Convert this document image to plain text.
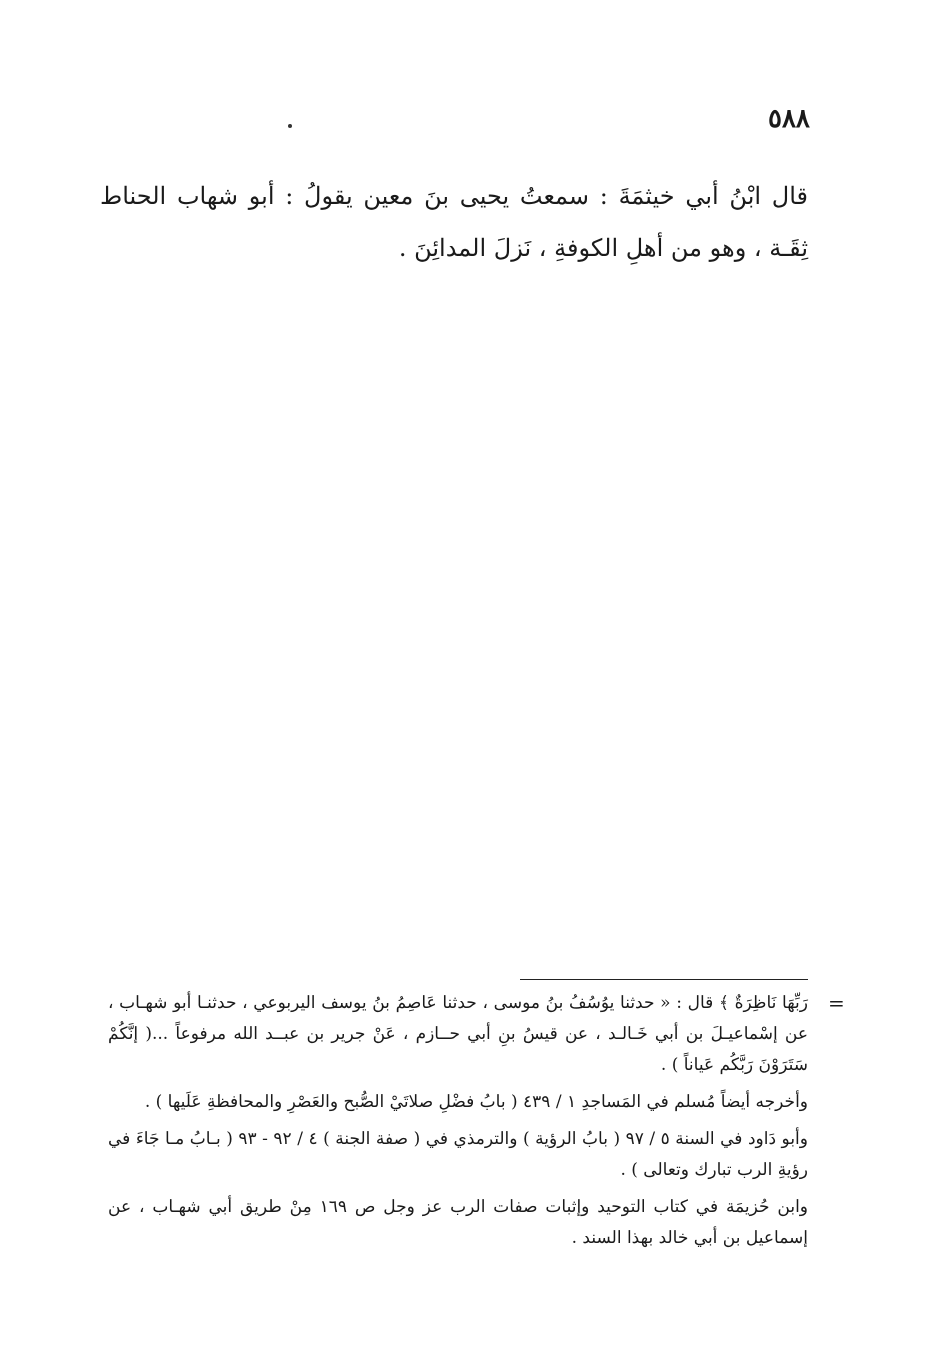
٥٨٨
قال ابْنُ أبي خيثمَةَ : سمعتُ يحيى بنَ معين يقولُ : أبو شهاب الحناط ثِقَـة ، وهو من أهلِ الكوفةِ ، نَزلَ المدائِنَ .
=

رَبِّهَا نَاظِرَةٌ ﴾ قال : « حدثنا يوُسُفُ بنُ موسى ، حدثنا عَاصِمُ بنُ يوسف اليربوعي ، حدثنـا أبو شهـاب ، عن إسْماعيـلَ بن أبي خَـالـد ، عن قيسُ بنِ أبي حــازم ، عَنْ جرير بن عبــد الله مرفوعاً ...( إنَّكُمْ سَتَرَوْنَ رَبَّكُم عَياناً ) .

وأخرجه أيضاً مُسلم في المَساجدِ ١ / ٤٣٩ ( بابُ فضْلِ صلاتَيْ الصُّبح والعَصْرِ والمحافظةِ عَلَيها ) .

وأبو دَاود في السنة ٥ / ٩٧ ( بابُ الرؤية ) والترمذي في ( صفة الجنة ) ٤ / ٩٢ - ٩٣ ( بـابُ مـا جَاءَ في رؤيةِ الرب تبارك وتعالى ) .

وابن حُزيمَة في كتاب التوحيد وإثبات صفات الرب عز وجل ص ١٦٩ مِنْ طريق أبي شهـاب ، عن إسماعيل بن أبي خالد بهذا السند .
